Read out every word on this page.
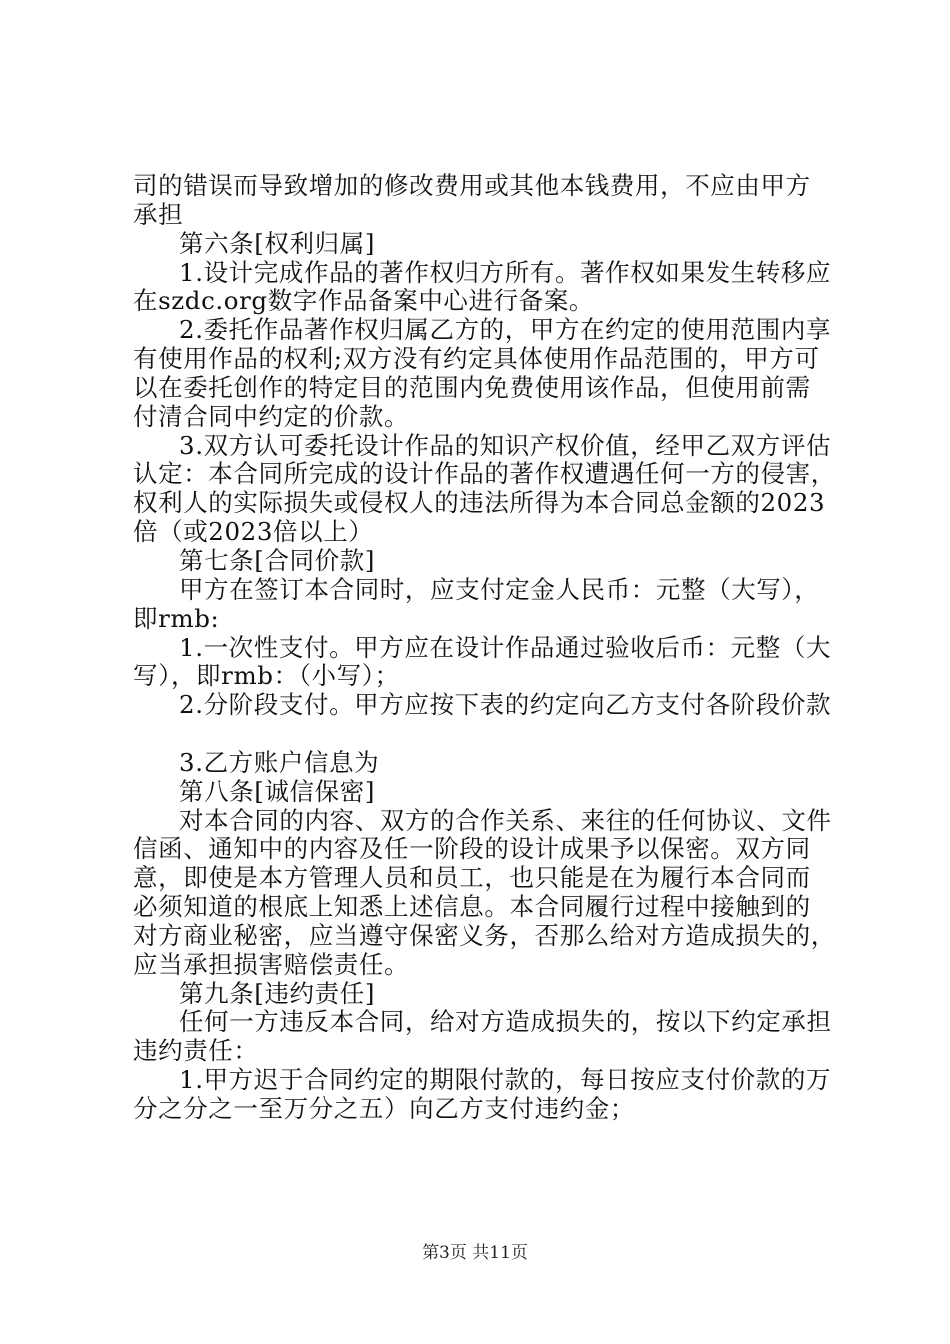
司的错误而导致增加的修改费用或其他本钱费用，不应由甲方
承担
第六条[权利归属]
1.设计完成作品的著作权归方所有。著作权如果发生转移应
在szdc.org数字作品备案中心进行备案。
2.委托作品著作权归属乙方的，甲方在约定的使用范围内享
有使用作品的权利;双方没有约定具体使用作品范围的，甲方可
以在委托创作的特定目的范围内免费使用该作品，但使用前需
付清合同中约定的价款。
3.双方认可委托设计作品的知识产权价值，经甲乙双方评估
认定：本合同所完成的设计作品的著作权遭遇任何一方的侵害，
权利人的实际损失或侵权人的违法所得为本合同总金额的2023
倍（或2023倍以上）
第七条[合同价款]
甲方在签订本合同时，应支付定金人民币：元整（大写），
即rmb:
1.一次性支付。甲方应在设计作品通过验收后币：元整（大
写），即rmb：（小写）；
2.分阶段支付。甲方应按下表的约定向乙方支付各阶段价款
3.乙方账户信息为
第八条[诚信保密]
对本合同的内容、双方的合作关系、来往的任何协议、文件
信函、通知中的内容及任一阶段的设计成果予以保密。双方同
意，即使是本方管理人员和员工，也只能是在为履行本合同而
必须知道的根底上知悉上述信息。本合同履行过程中接触到的
对方商业秘密，应当遵守保密义务，否那么给对方造成损失的，
应当承担损害赔偿责任。
第九条[违约责任]
任何一方违反本合同，给对方造成损失的，按以下约定承担
违约责任：
1.甲方迟于合同约定的期限付款的，每日按应支付价款的万
分之分之一至万分之五）向乙方支付违约金；
第3页 共11页
